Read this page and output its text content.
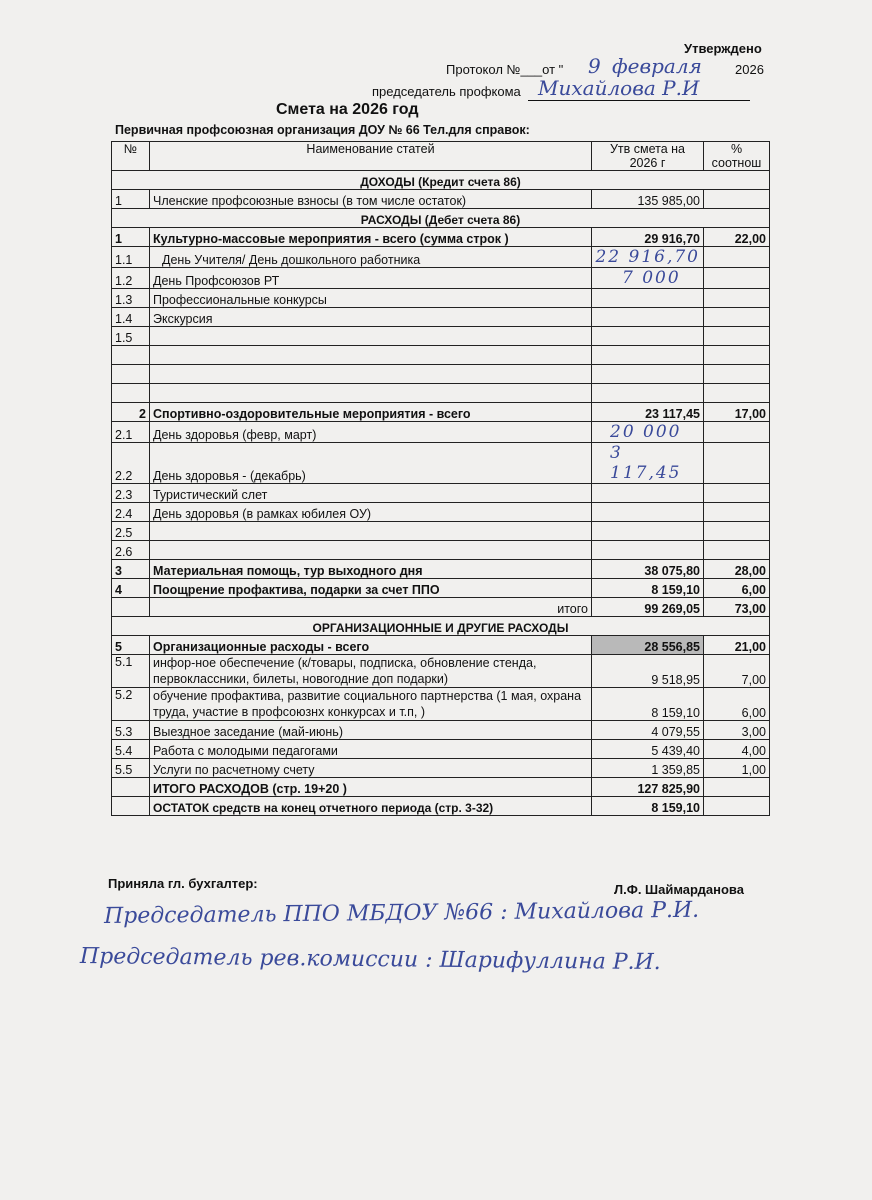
Утверждено
Протокол №___от " 9 февраля	2026
председатель профкома Михайлова Р.И
Смета на 2026 год
Первичная профсоюзная организация ДОУ № 66 Тел.для справок:
№	Наименование статей	Утв смета на 2026 г	% соотнош
ДОХОДЫ (Кредит счета 86)			
1	Членские профсоюзные взносы (в том числе остаток)	135 985,00	
РАСХОДЫ (Дебет счета 86)			
1	Культурно-массовые мероприятия - всего (сумма строк )	29 916,70	22,00
1.1	День Учителя/ День дошкольного работника	22 916,70	
1.2	День Профсоюзов РТ	7 000	
1.3	Профессиональные конкурсы		
1.4	Экскурсия		
1.5			

2	Спортивно-оздоровительные мероприятия - всего	23 117,45	17,00
2.1	День здоровья (февр, март)	20 000	
2.2	День здоровья - (декабрь)	3 117,45	
2.3	Туристический слет		
2.4	День здоровья (в рамках юбилея ОУ)		
2.5			
2.6			
3	Материальная помощь, тур выходного дня	38 075,80	28,00
4	Поощрение профактива, подарки за счет ППО	8 159,10	6,00
	итого	99 269,05	73,00
ОРГАНИЗАЦИОННЫЕ И ДРУГИЕ РАСХОДЫ			
5	Организационные расходы - всего	28 556,85	21,00
5.1	инфор-ное обеспечение (к/товары, подписка, обновление стенда, первоклассники, билеты, новогодние доп подарки)	9 518,95	7,00
5.2	обучение профактива, развитие социального партнерства (1 мая, охрана труда, участие в профсоюзнх конкурсах и т.п, )	8 159,10	6,00
5.3	Выездное заседание (май-июнь)	4 079,55	3,00
5.4	Работа с молодыми педагогами	5 439,40	4,00
5.5	Услуги по расчетному счету	1 359,85	1,00
	ИТОГО РАСХОДОВ (стр. 19+20 )	127 825,90	
	ОСТАТОК средств на конец отчетного периода (стр. 3-32)	8 159,10	
Приняла гл. бухгалтер:	Л.Ф. Шаймарданова
Председатель ППО МБДОУ №66 : Михайлова Р.И.
Председатель рев.комиссии : Шарифуллина Р.И.
